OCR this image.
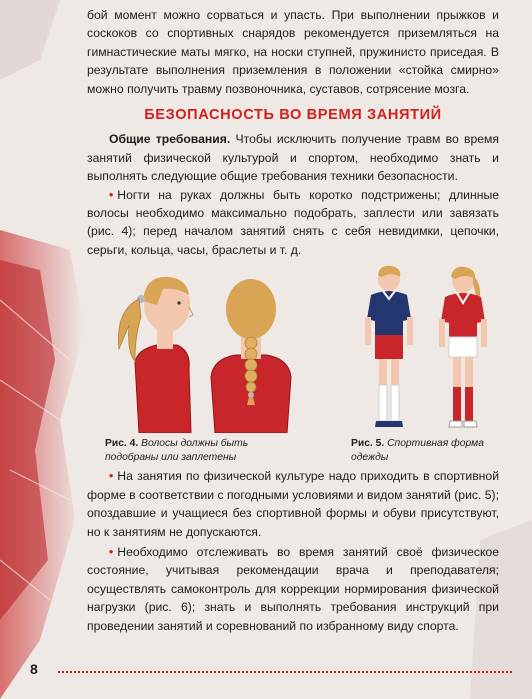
бой момент можно сорваться и упасть. При выполнении прыжков и соскоков со спортивных снарядов рекомендуется приземляться на гимнастические маты мягко, на носки ступней, пружинисто приседая. В результате выполнения приземления в положении «стойка смирно» можно получить травму позвоночника, суставов, сотрясение мозга.

БЕЗОПАСНОСТЬ ВО ВРЕМЯ ЗАНЯТИЙ

Общие требования. Чтобы исключить получение травм во время занятий физической культурой и спортом, необходимо знать и выполнять следующие общие требования техники безопасности.

• Ногти на руках должны быть коротко подстрижены; длинные волосы необходимо максимально подобрать, заплести или завязать (рис. 4); перед началом занятий снять с себя невидимки, цепочки, серьги, кольца, часы, браслеты и т. д.

Рис. 4. Волосы должны быть подобраны или заплетены
Рис. 5. Спортивная форма одежды

• На занятия по физической культуре надо приходить в спортивной форме в соответствии с погодными условиями и видом занятий (рис. 5); опоздавшие и учащиеся без спортивной формы и обуви присутствуют, но к занятиям не допускаются.

• Необходимо отслеживать во время занятий своё физическое состояние, учитывая рекомендации врача и преподавателя; осуществлять самоконтроль для коррекции нормирования физической нагрузки (рис. 6); знать и выполнять требования инструкций при проведении занятий и соревнований по избранному виду спорта.

8
